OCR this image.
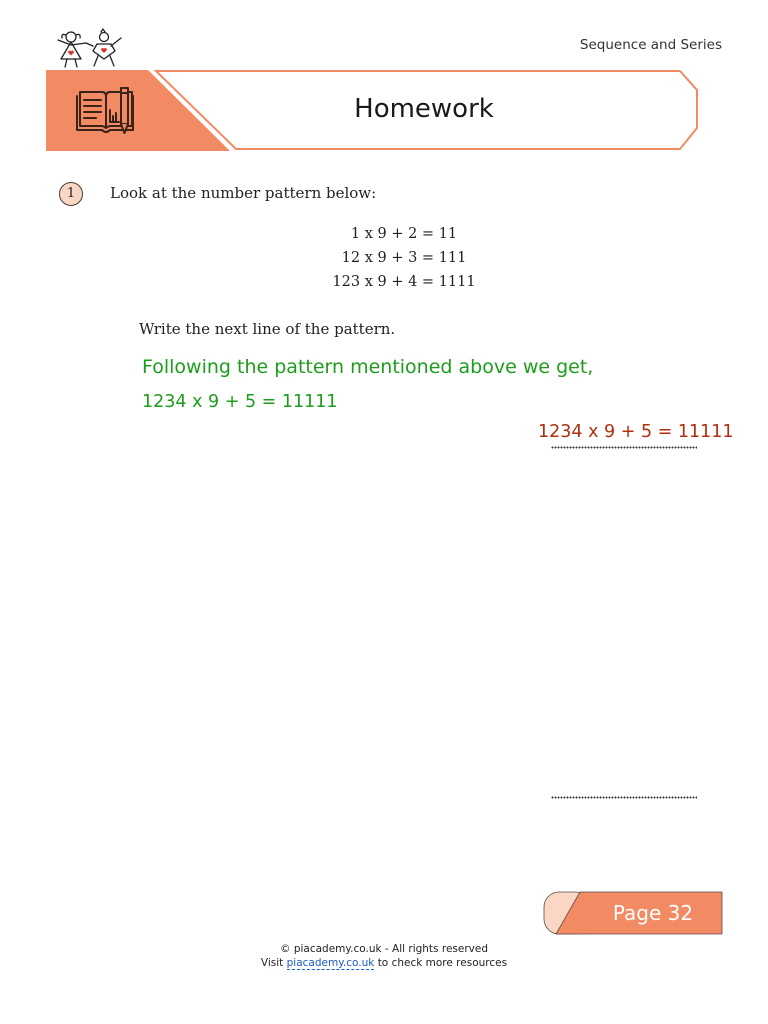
Sequence and Series
Homework
1	Look at the number pattern below:
1 x 9 + 2 = 11
12 x 9 + 3 = 111
123 x 9 + 4 = 1111
Write the next line of the pattern.
Following the pattern mentioned above we get,
1234 x 9 + 5 = 11111
1234 x 9 + 5 = 11111
Page 32
© piacademy.co.uk - All rights reserved
Visit piacademy.co.uk to check more resources
